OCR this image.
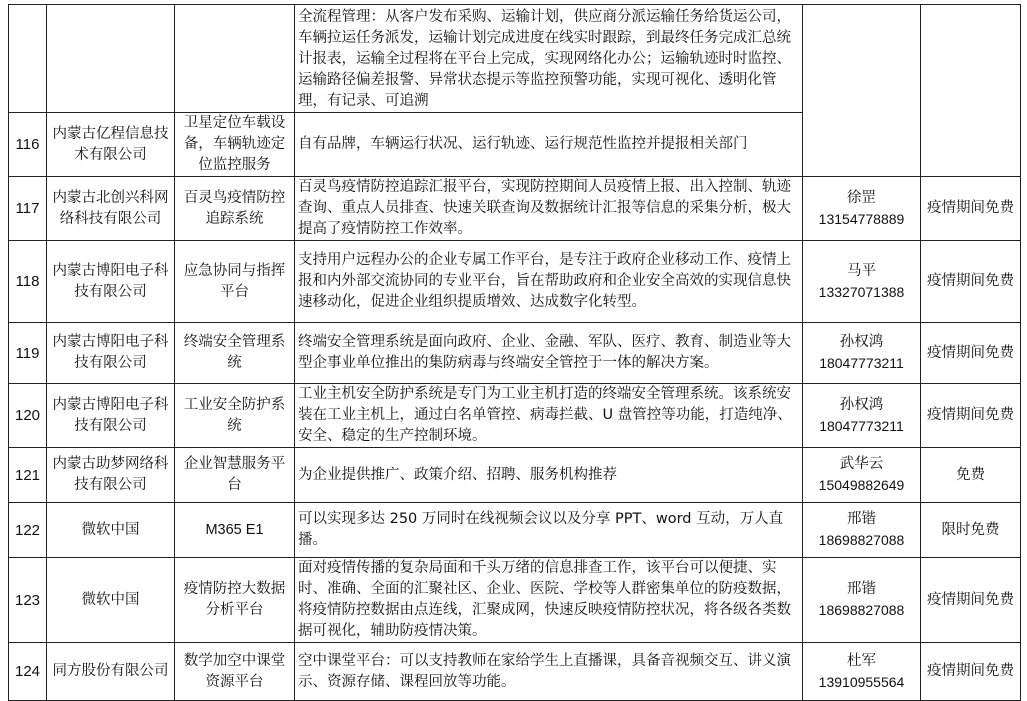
			全流程管理：从客户发布采购、运输计划，供应商分派运输任务给货运公司，车辆拉运任务派发，运输计划完成进度在线实时跟踪，到最终任务完成汇总统计报表，运输全过程将在平台上完成，实现网络化办公；运输轨迹时时监控、运输路径偏差报警、异常状态提示等监控预警功能，实现可视化、透明化管理，有记录、可追溯		

116	内蒙古亿程信息技术有限公司	卫星定位车载设备，车辆轨迹定位监控服务	自有品牌，车辆运行状况、运行轨迹、运行规范性监控并提报相关部门		

117	内蒙古北创兴科网络科技有限公司	百灵鸟疫情防控追踪系统	百灵鸟疫情防控追踪汇报平台，实现防控期间人员疫情上报、出入控制、轨迹查询、重点人员排查、快速关联查询及数据统计汇报等信息的采集分析，极大提高了疫情防控工作效率。	徐罡
13154778889	疫情期间免费
118	内蒙古博阳电子科技有限公司	应急协同与指挥平台	支持用户远程办公的企业专属工作平台，是专注于政府企业移动工作、疫情上报和内外部交流协同的专业平台，旨在帮助政府和企业安全高效的实现信息快速移动化，促进企业组织提质增效、达成数字化转型。	马平
13327071388	疫情期间免费
119	内蒙古博阳电子科技有限公司	终端安全管理系统	终端安全管理系统是面向政府、企业、金融、军队、医疗、教育、制造业等大型企事业单位推出的集防病毒与终端安全管控于一体的解决方案。	孙权鸿
18047773211	疫情期间免费
120	内蒙古博阳电子科技有限公司	工业安全防护系统	工业主机安全防护系统是专门为工业主机打造的终端安全管理系统。该系统安装在工业主机上，通过白名单管控、病毒拦截、U 盘管控等功能，打造纯净、安全、稳定的生产控制环境。	孙权鸿
18047773211	疫情期间免费
121	内蒙古助梦网络科技有限公司	企业智慧服务平台	为企业提供推广、政策介绍、招聘、服务机构推荐	武华云
15049882649	免费
122	微软中国	M365 E1	可以实现多达 250 万同时在线视频会议以及分享 PPT、word 互动，万人直播。	邢锴
18698827088	限时免费
123	微软中国	疫情防控大数据分析平台	面对疫情传播的复杂局面和千头万绪的信息排查工作，该平台可以便捷、实时、准确、全面的汇聚社区、企业、医院、学校等人群密集单位的防疫数据，将疫情防控数据由点连线，汇聚成网，快速反映疫情防控状况，将各级各类数据可视化，辅助防疫情决策。	邢锴
18698827088	疫情期间免费
124	同方股份有限公司	数学加空中课堂资源平台	空中课堂平台：可以支持教师在家给学生上直播课，具备音视频交互、讲义演示、资源存储、课程回放等功能。	杜军
13910955564	疫情期间免费
